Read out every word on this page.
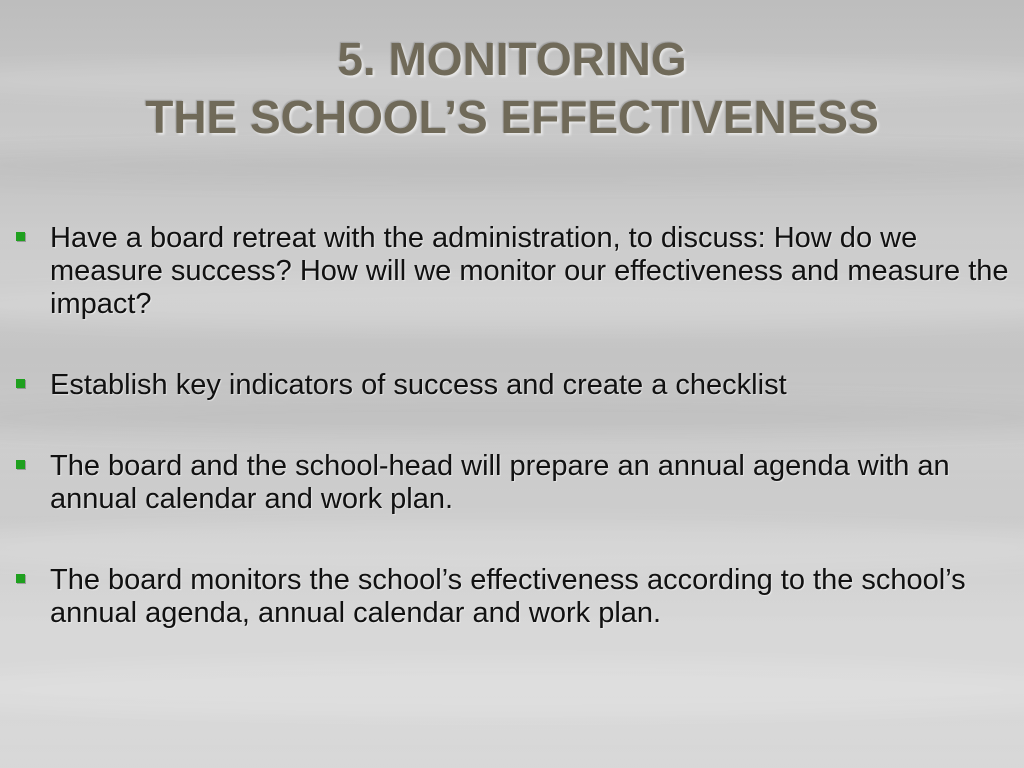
5. MONITORING
THE SCHOOL’S EFFECTIVENESS
Have a board retreat with the administration, to discuss: How do we measure success? How will we monitor our effectiveness and measure the impact?
Establish key indicators of success and create a checklist
The board and the school-head will prepare an annual agenda with an annual calendar and work plan.
The board monitors the school’s effectiveness according to the school’s annual agenda, annual calendar and work plan.
